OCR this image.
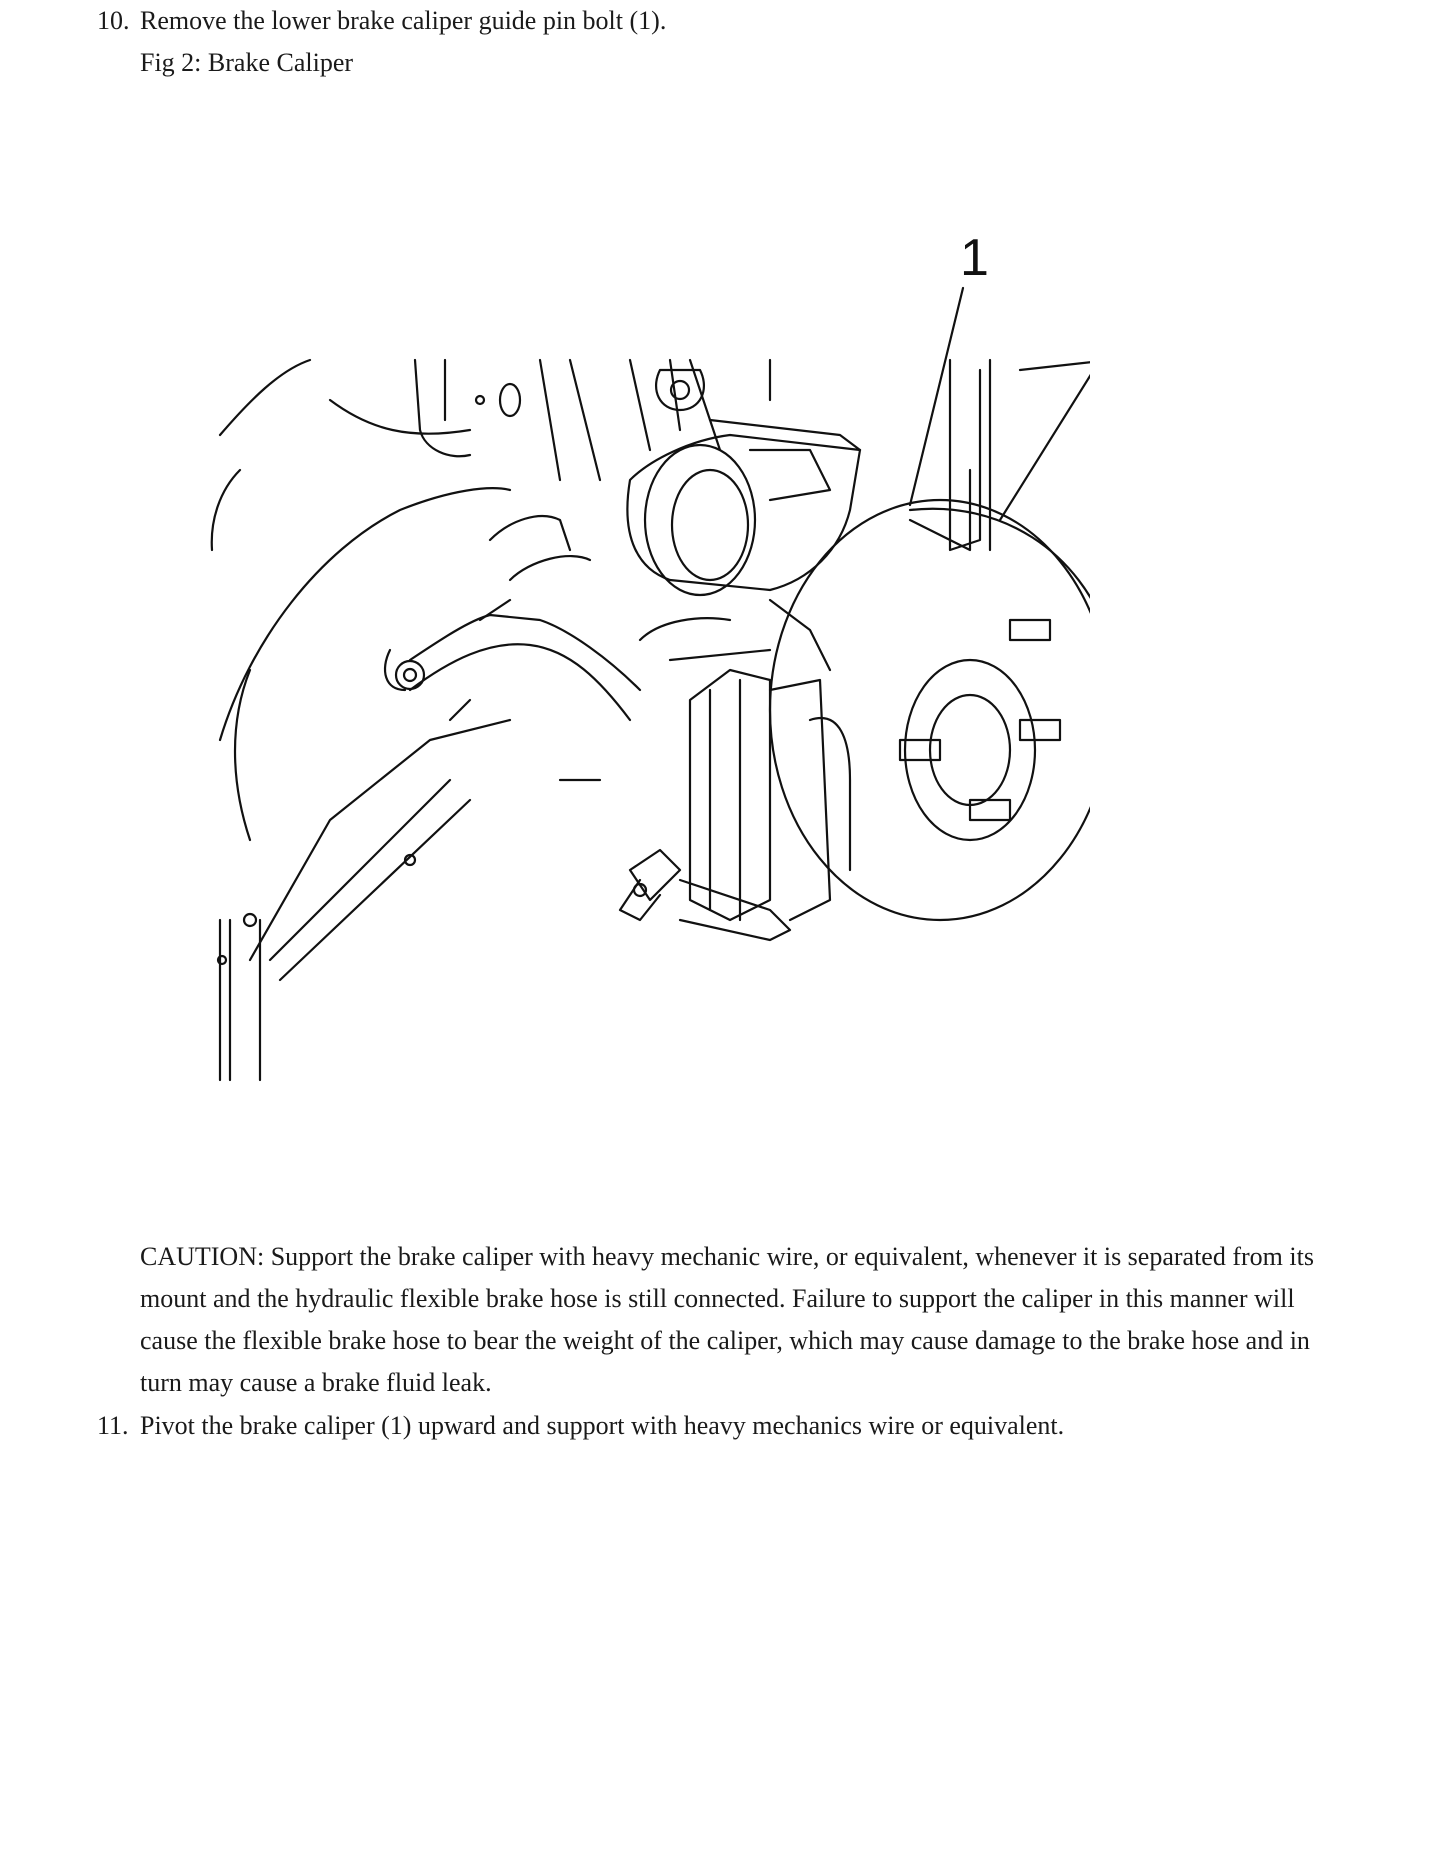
10. Remove the lower brake caliper guide pin bolt (1).
Fig 2: Brake Caliper
1
CAUTION: Support the brake caliper with heavy mechanic wire, or equivalent, whenever it is separated from its mount and the hydraulic flexible brake hose is still connected. Failure to support the caliper in this manner will cause the flexible brake hose to bear the weight of the caliper, which may cause damage to the brake hose and in turn may cause a brake fluid leak.
11. Pivot the brake caliper (1) upward and support with heavy mechanics wire or equivalent.
